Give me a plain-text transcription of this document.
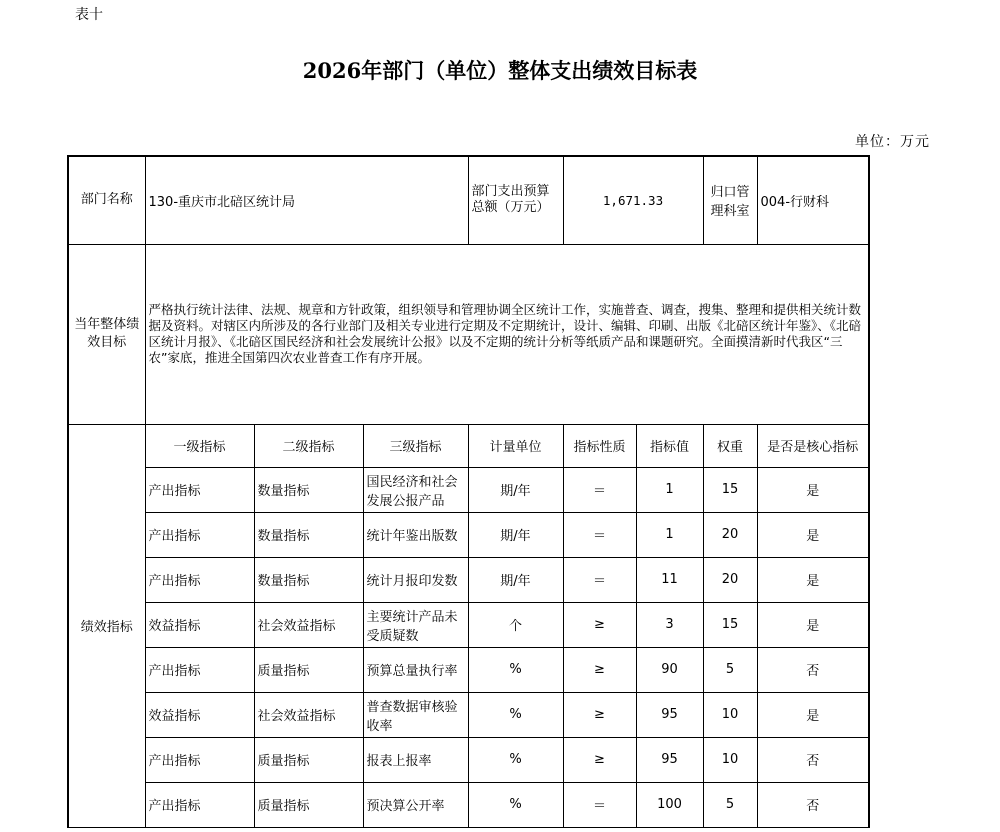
表十
2026年部门（单位）整体支出绩效目标表
单位：万元
部门名称	130-重庆市北碚区统计局			部门支出预算总额（万元）	1,671.33		归口管理科室	004-行财科
当年整体绩效目标	严格执行统计法律、法规、规章和方针政策，组织领导和管理协调全区统计工作，实施普查、调查，搜集、整理和提供相关统计数据及资料。对辖区内所涉及的各行业部门及相关专业进行定期及不定期统计，设计、编辑、印刷、出版《北碚区统计年鉴》、《北碚区统计月报》、《北碚区国民经济和社会发展统计公报》以及不定期的统计分析等纸质产品和课题研究。全面摸清新时代我区“三农”家底，推进全国第四次农业普查工作有序开展。							
绩效指标	一级指标	二级指标	三级指标	计量单位	指标性质	指标值	权重	是否是核心指标
	产出指标	数量指标	国民经济和社会发展公报产品	期/年	＝	1	15	是
	产出指标	数量指标	统计年鉴出版数	期/年	＝	1	20	是
	产出指标	数量指标	统计月报印发数	期/年	＝	11	20	是
	效益指标	社会效益指标	主要统计产品未受质疑数	个	≥	3	15	是
	产出指标	质量指标	预算总量执行率	%	≥	90	5	否
	效益指标	社会效益指标	普查数据审核验收率	%	≥	95	10	是
	产出指标	质量指标	报表上报率	%	≥	95	10	否
	产出指标	质量指标	预决算公开率	%	＝	100	5	否
